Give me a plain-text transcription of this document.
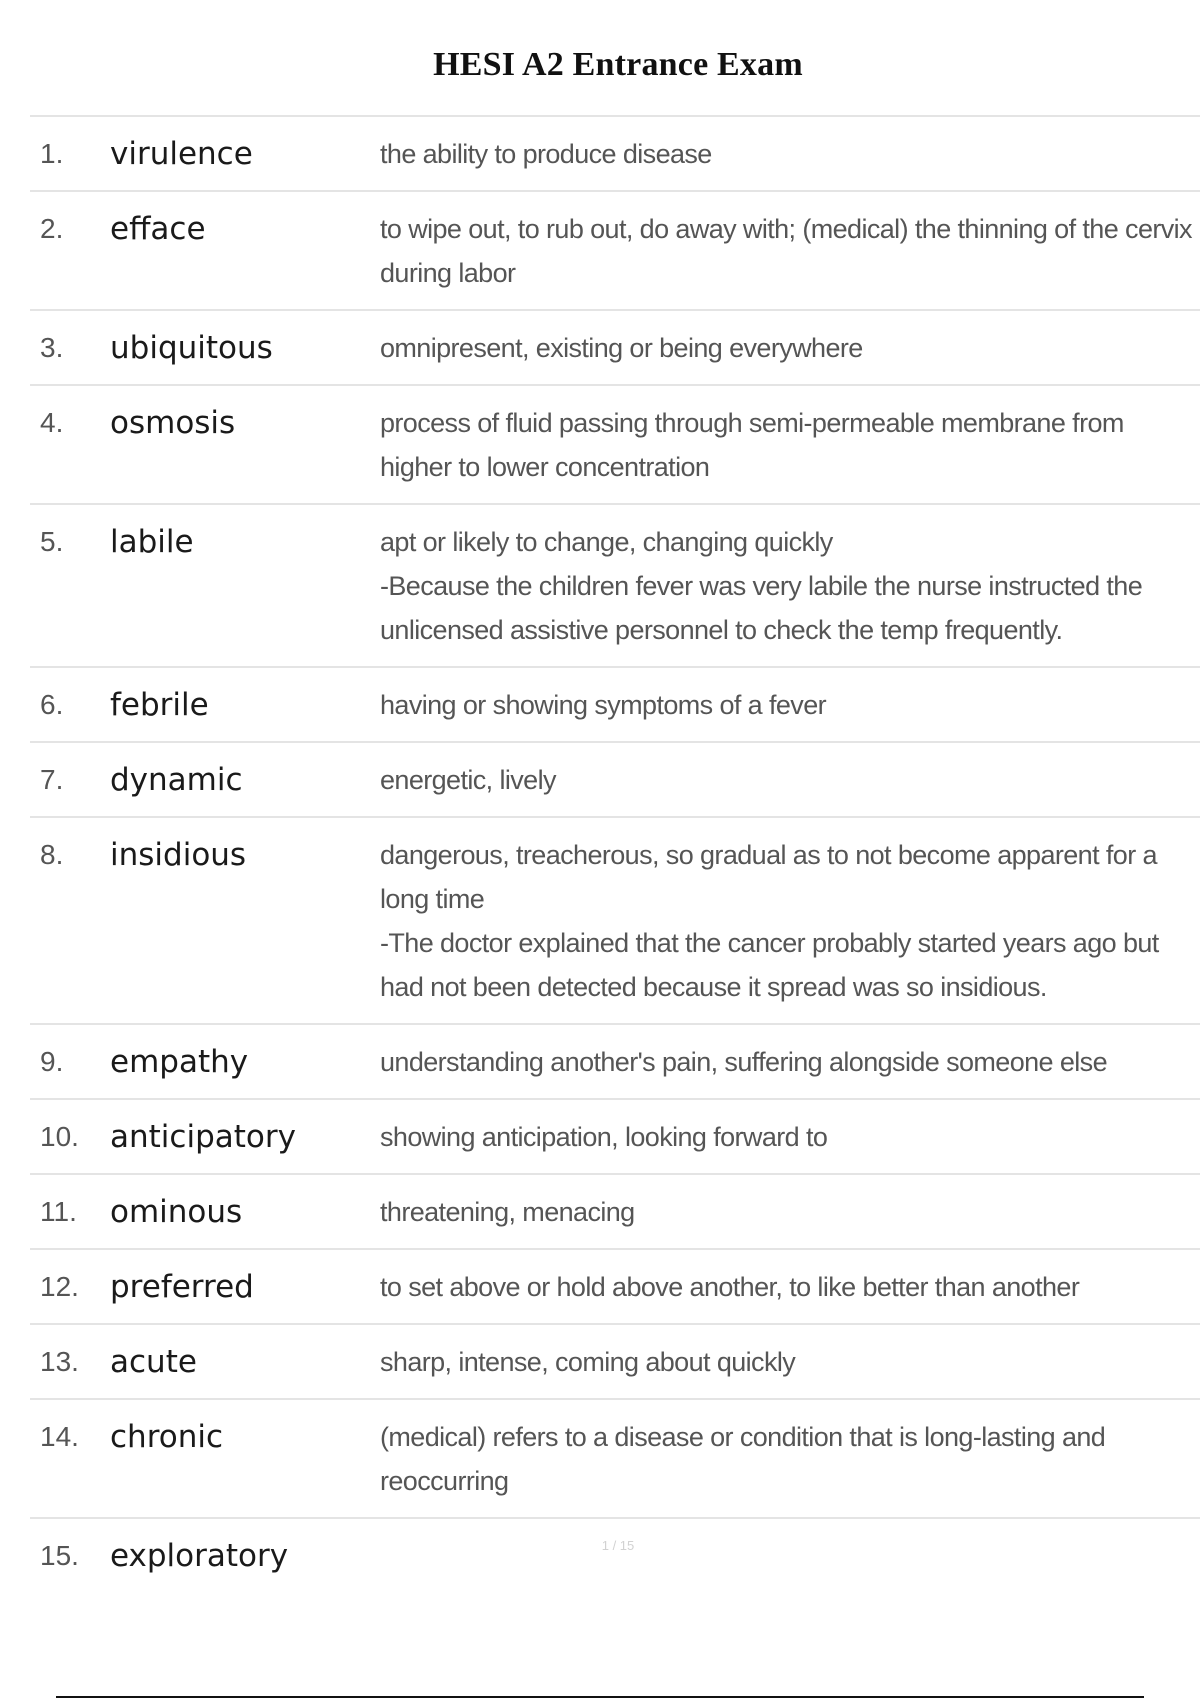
HESI A2 Entrance Exam
1.	virulence	the ability to produce disease
2.	efface	to wipe out, to rub out, do away with; (medical) the thinning of the cervix during labor
3.	ubiquitous	omnipresent, existing or being everywhere
4.	osmosis	process of fluid passing through semi-permeable membrane from higher to lower concentration
5.	labile	apt or likely to change, changing quickly
-Because the children fever was very labile the nurse instructed the unlicensed assistive personnel to check the temp frequently.
6.	febrile	having or showing symptoms of a fever
7.	dynamic	energetic, lively
8.	insidious	dangerous, treacherous, so gradual as to not become apparent for a long time
-The doctor explained that the cancer probably started years ago but had not been detected because it spread was so insidious.
9.	empathy	understanding another's pain, suffering alongside someone else
10.	anticipatory	showing anticipation, looking forward to
11.	ominous	threatening, menacing
12.	preferred	to set above or hold above another, to like better than another
13.	acute	sharp, intense, coming about quickly
14.	chronic	(medical) refers to a disease or condition that is long-lasting and reoccurring
15.	exploratory	1 / 15
